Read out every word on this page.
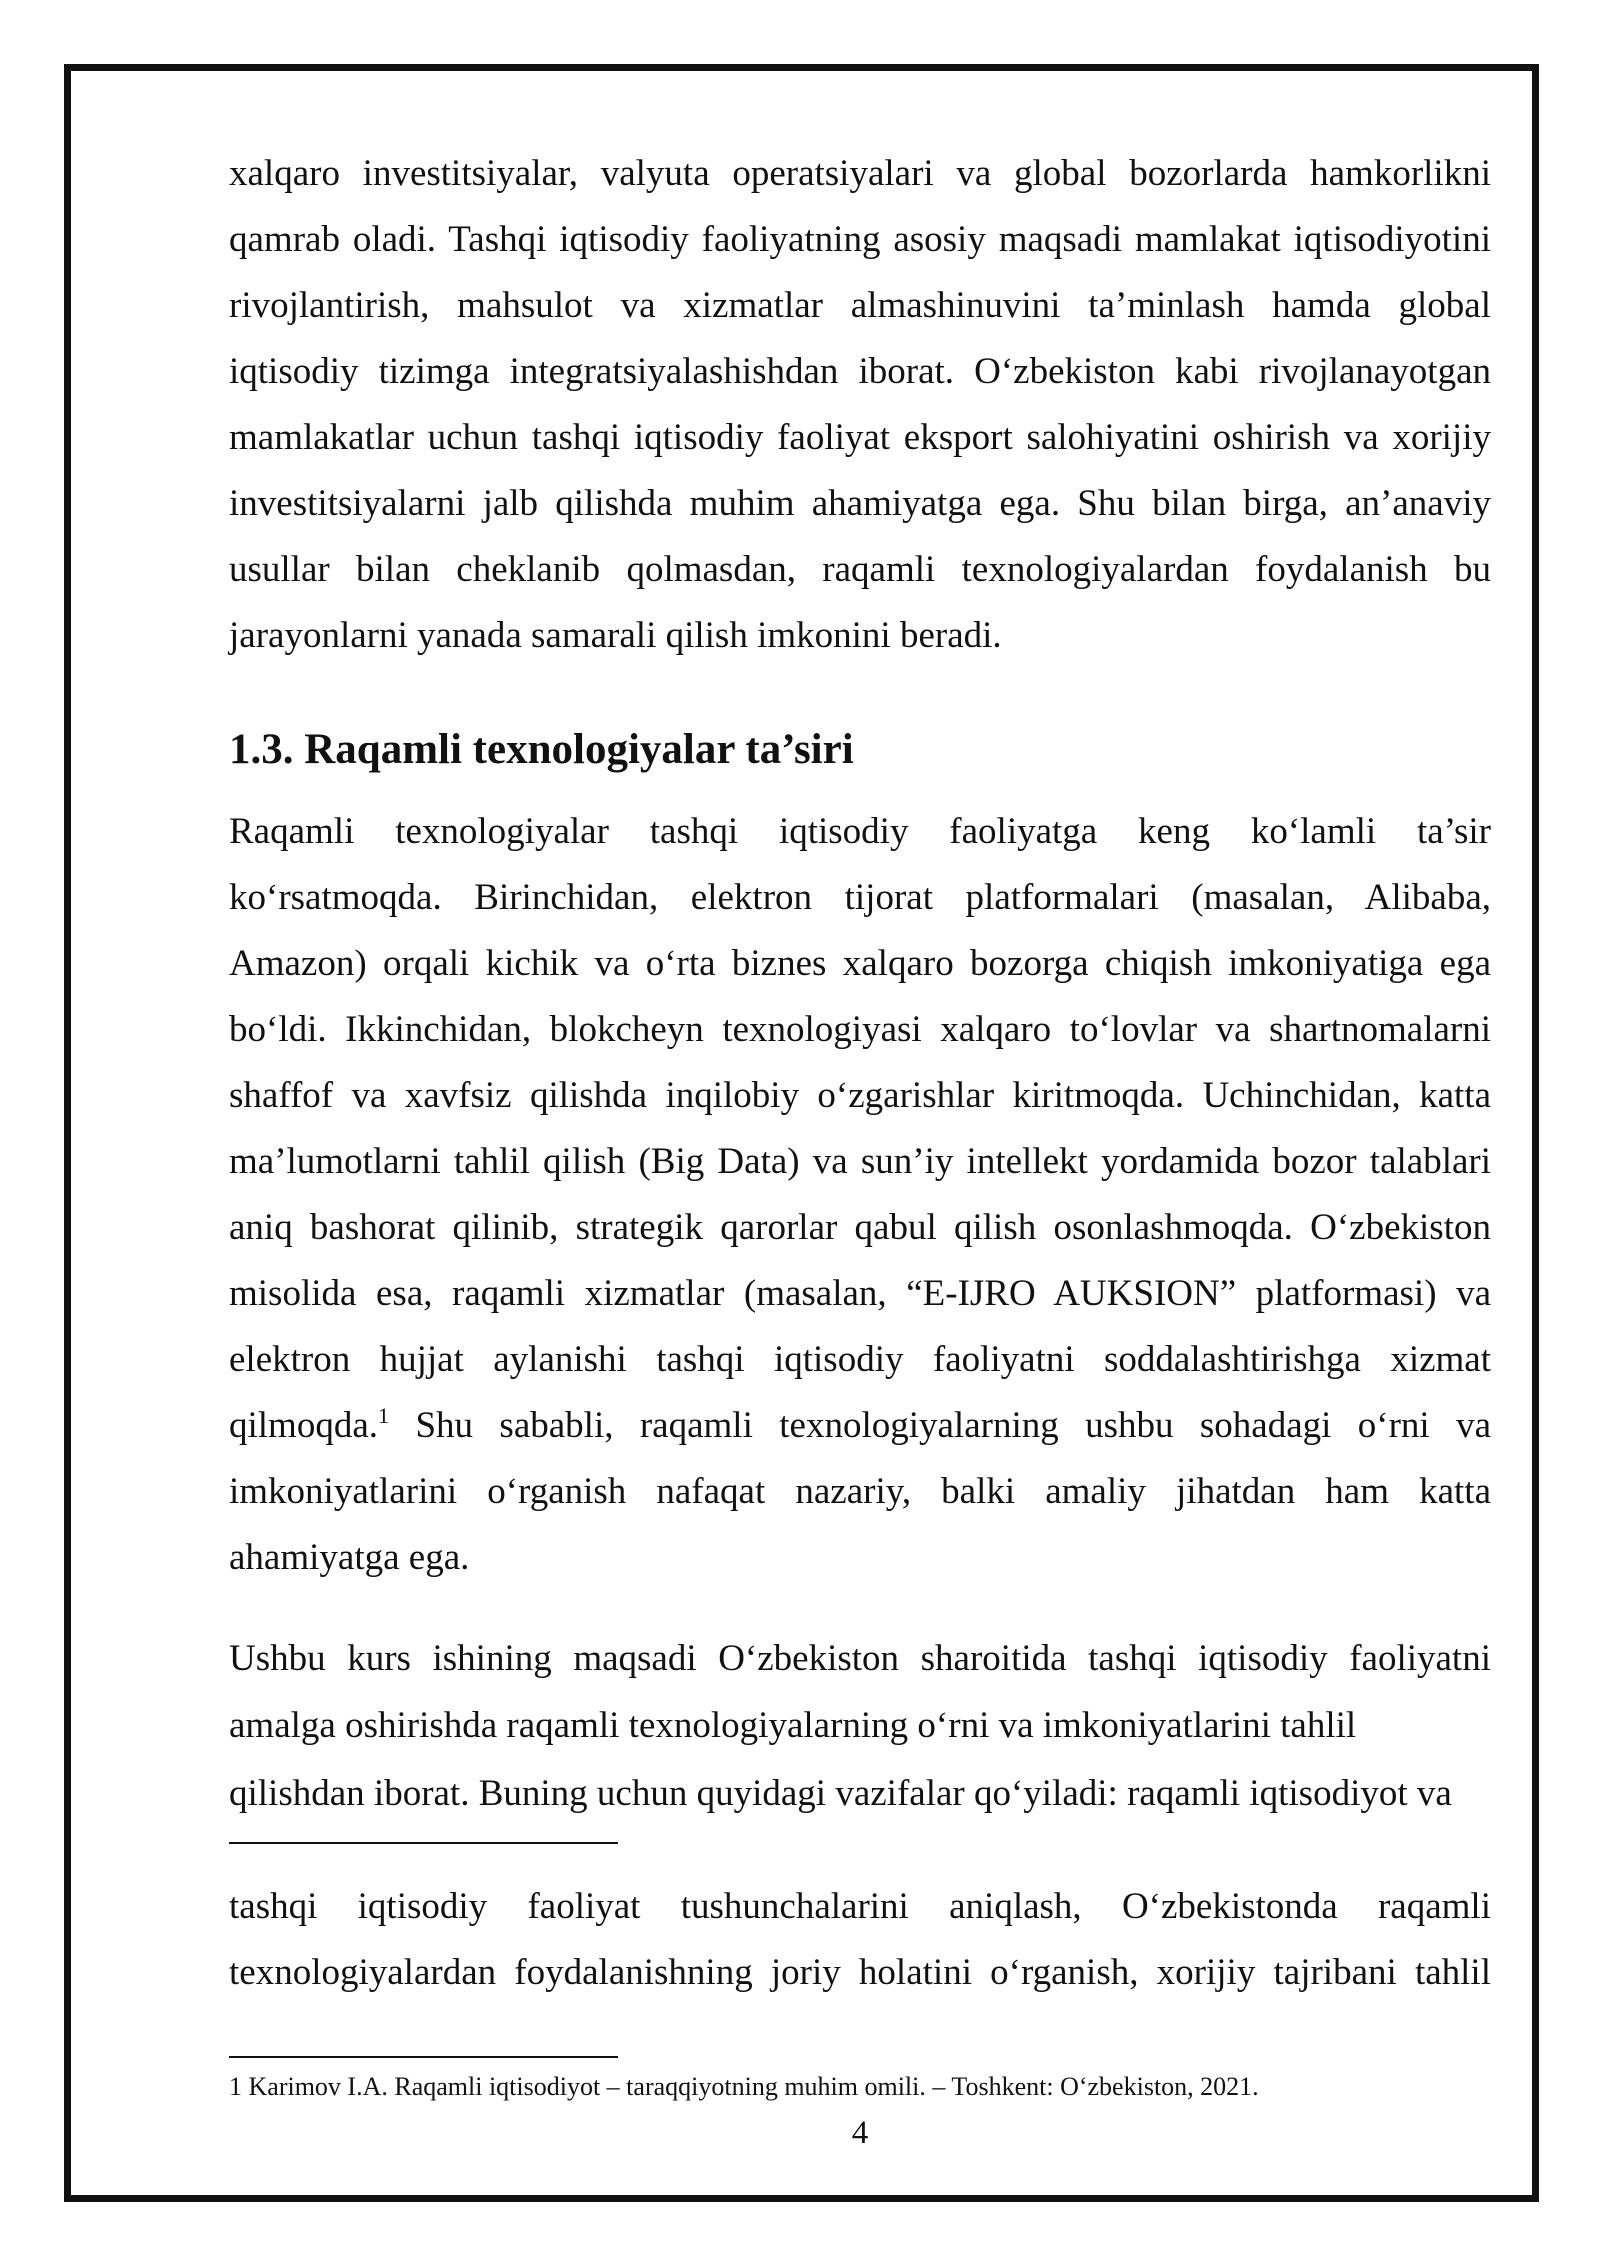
xalqaro investitsiyalar, valyuta operatsiyalari va global bozorlarda hamkorlikni
qamrab oladi. Tashqi iqtisodiy faoliyatning asosiy maqsadi mamlakat iqtisodiyotini
rivojlantirish, mahsulot va xizmatlar almashinuvini ta’minlash hamda global
iqtisodiy tizimga integratsiyalashishdan iborat. O‘zbekiston kabi rivojlanayotgan
mamlakatlar uchun tashqi iqtisodiy faoliyat eksport salohiyatini oshirish va xorijiy
investitsiyalarni jalb qilishda muhim ahamiyatga ega. Shu bilan birga, an’anaviy
usullar bilan cheklanib qolmasdan, raqamli texnologiyalardan foydalanish bu
jarayonlarni yanada samarali qilish imkonini beradi.
1.3. Raqamli texnologiyalar ta’siri
Raqamli texnologiyalar tashqi iqtisodiy faoliyatga keng ko‘lamli ta’sir
ko‘rsatmoqda. Birinchidan, elektron tijorat platformalari (masalan, Alibaba,
Amazon) orqali kichik va o‘rta biznes xalqaro bozorga chiqish imkoniyatiga ega
bo‘ldi. Ikkinchidan, blokcheyn texnologiyasi xalqaro to‘lovlar va shartnomalarni
shaffof va xavfsiz qilishda inqilobiy o‘zgarishlar kiritmoqda. Uchinchidan, katta
ma’lumotlarni tahlil qilish (Big Data) va sun’iy intellekt yordamida bozor talablari
aniq bashorat qilinib, strategik qarorlar qabul qilish osonlashmoqda. O‘zbekiston
misolida esa, raqamli xizmatlar (masalan, “E-IJRO AUKSION” platformasi) va
elektron hujjat aylanishi tashqi iqtisodiy faoliyatni soddalashtirishga xizmat
qilmoqda.$^1$ Shu sababli, raqamli texnologiyalarning ushbu sohadagi o‘rni va
imkoniyatlarini o‘rganish nafaqat nazariy, balki amaliy jihatdan ham katta
ahamiyatga ega.
Ushbu kurs ishining maqsadi O‘zbekiston sharoitida tashqi iqtisodiy faoliyatni
amalga oshirishda raqamli texnologiyalarning o‘rni va imkoniyatlarini tahlil
qilishdan iborat. Buning uchun quyidagi vazifalar qo‘yiladi: raqamli iqtisodiyot va
tashqi iqtisodiy faoliyat tushunchalarini aniqlash, O‘zbekistonda raqamli
texnologiyalardan foydalanishning joriy holatini o‘rganish, xorijiy tajribani tahlil
1 Karimov I.A. Raqamli iqtisodiyot – taraqqiyotning muhim omili. – Toshkent: O‘zbekiston, 2021.
4
